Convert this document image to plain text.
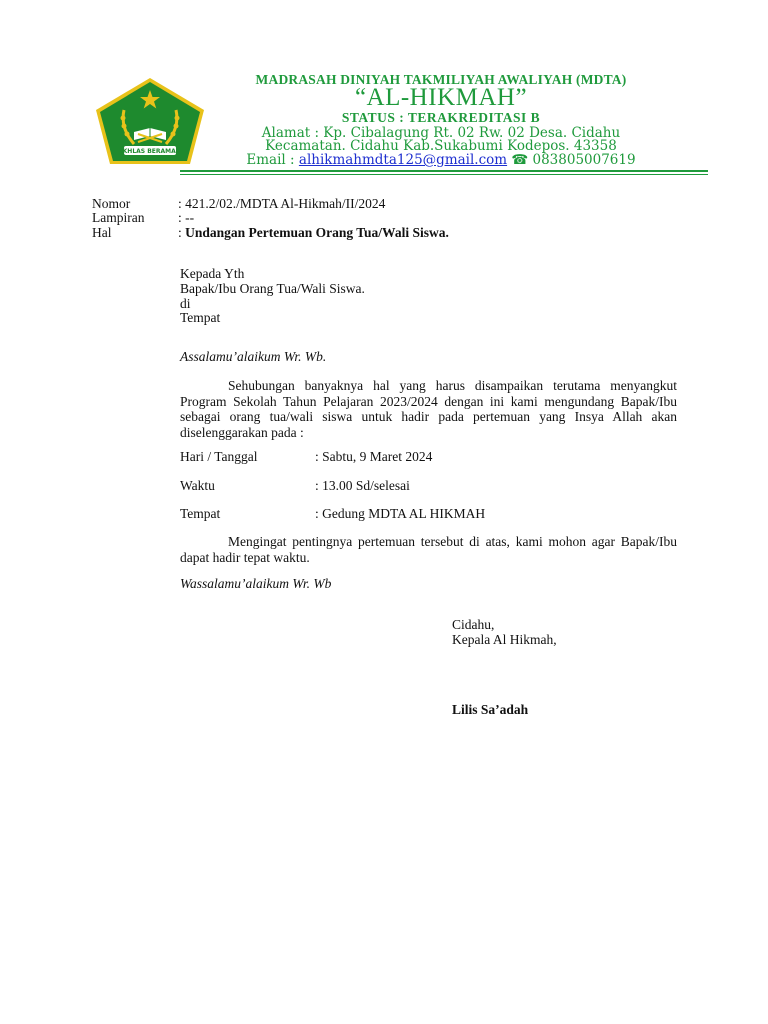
IKHLAS BERAMAL
MADRASAH DINIYAH TAKMILIYAH AWALIYAH (MDTA)
“AL-HIKMAH”
STATUS : TERAKREDITASI B
Alamat : Kp. Cibalagung Rt. 02 Rw. 02 Desa. Cidahu
Kecamatan. Cidahu Kab.Sukabumi Kodepos. 43358
Email : alhikmahmdta125@gmail.com ☎ 083805007619
Nomor	: 421.2/02./MDTA Al-Hikmah/II/2024
Lampiran : --
Hal	: Undangan Pertemuan Orang Tua/Wali Siswa.
Kepada Yth
Bapak/Ibu Orang Tua/Wali Siswa.
di
Tempat
Assalamu’alaikum Wr. Wb.
Sehubungan banyaknya hal yang harus disampaikan terutama menyangkut Program Sekolah Tahun Pelajaran 2023/2024 dengan ini kami mengundang Bapak/Ibu sebagai orang tua/wali siswa untuk hadir pada pertemuan yang Insya Allah akan diselenggarakan pada :
Hari / Tanggal	: Sabtu, 9 Maret 2024
Waktu	: 13.00 Sd/selesai
Tempat	: Gedung MDTA AL HIKMAH
Mengingat pentingnya pertemuan tersebut di atas, kami mohon agar Bapak/Ibu dapat hadir tepat waktu.
Wassalamu’alaikum Wr. Wb
Cidahu,
Kepala Al Hikmah,
Lilis Sa’adah
